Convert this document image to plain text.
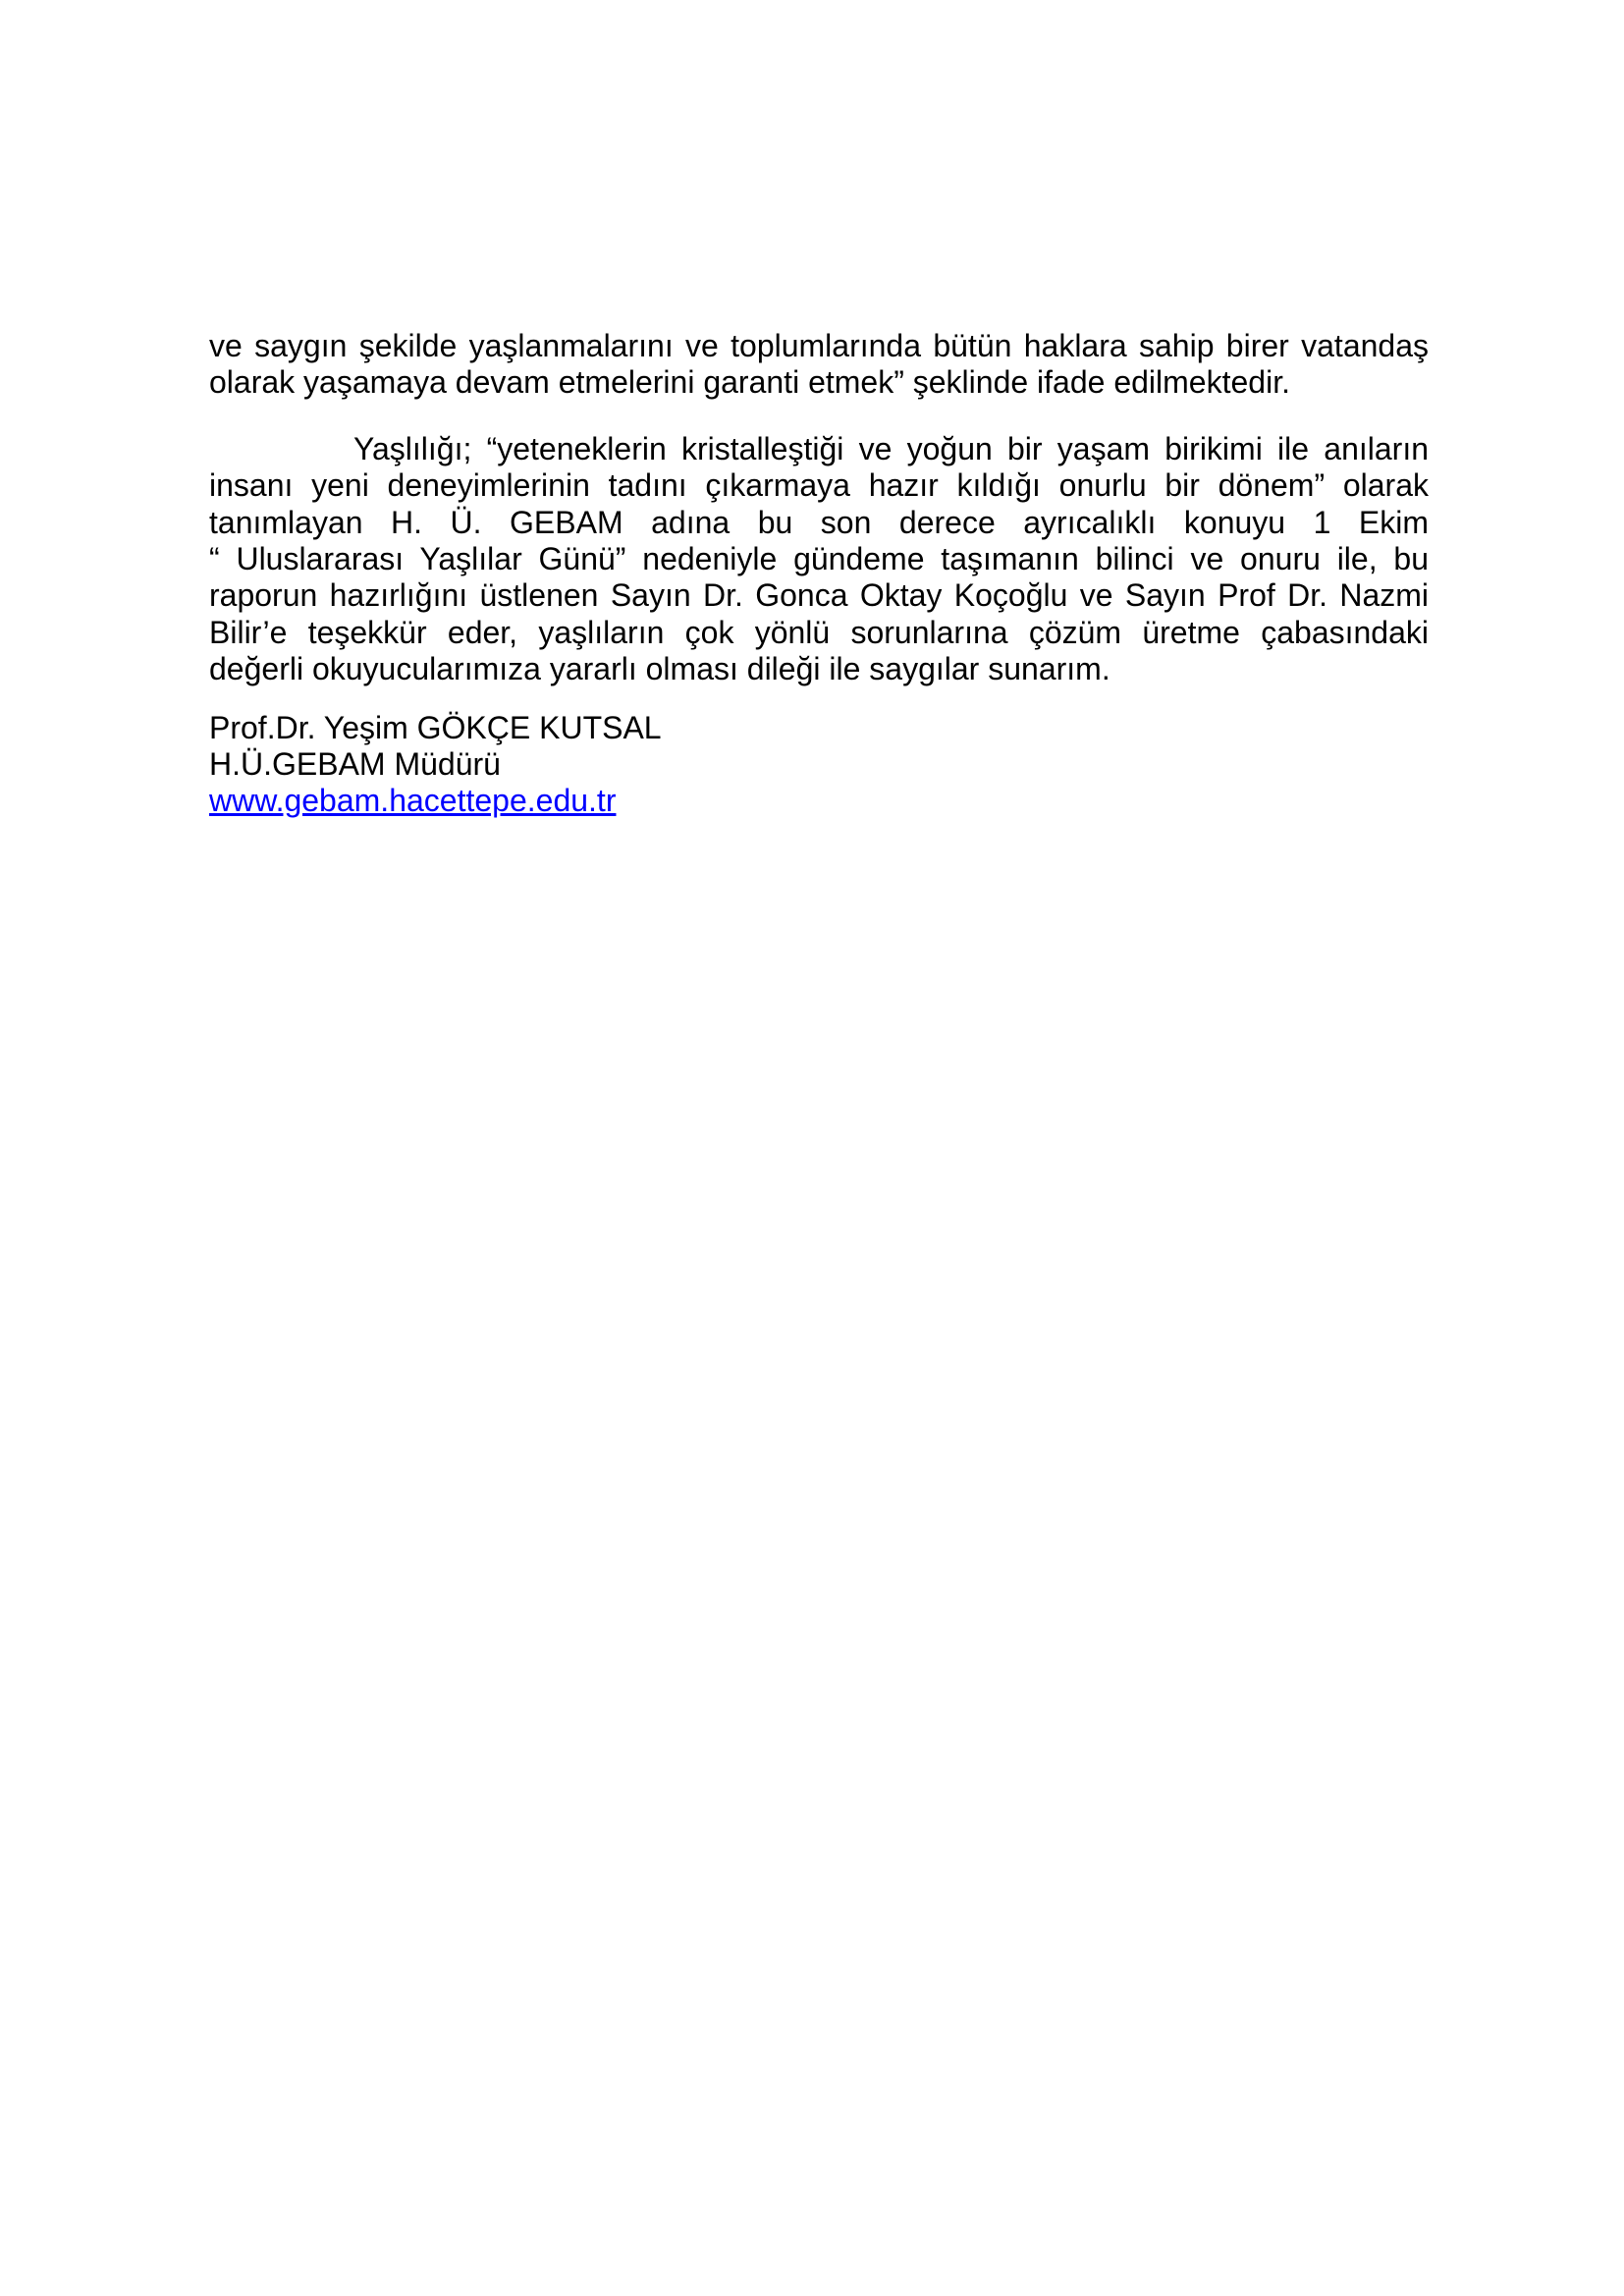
ve saygın şekilde yaşlanmalarını ve toplumlarında bütün haklara sahip birer vatandaş
olarak yaşamaya devam etmelerini garanti etmek” şeklinde ifade edilmektedir.
Yaşlılığı; “yeteneklerin kristalleştiği ve yoğun bir yaşam birikimi ile anıların
insanı yeni deneyimlerinin tadını çıkarmaya hazır kıldığı onurlu bir dönem” olarak
tanımlayan H. Ü. GEBAM adına bu son derece ayrıcalıklı konuyu 1 Ekim
“ Uluslararası Yaşlılar Günü” nedeniyle gündeme taşımanın bilinci ve onuru ile, bu
raporun hazırlığını üstlenen Sayın Dr. Gonca Oktay Koçoğlu ve Sayın Prof Dr. Nazmi
Bilir’e teşekkür eder, yaşlıların çok yönlü sorunlarına çözüm üretme çabasındaki
değerli okuyucularımıza yararlı olması dileği ile saygılar sunarım.
Prof.Dr. Yeşim GÖKÇE KUTSAL
H.Ü.GEBAM Müdürü
www.gebam.hacettepe.edu.tr
